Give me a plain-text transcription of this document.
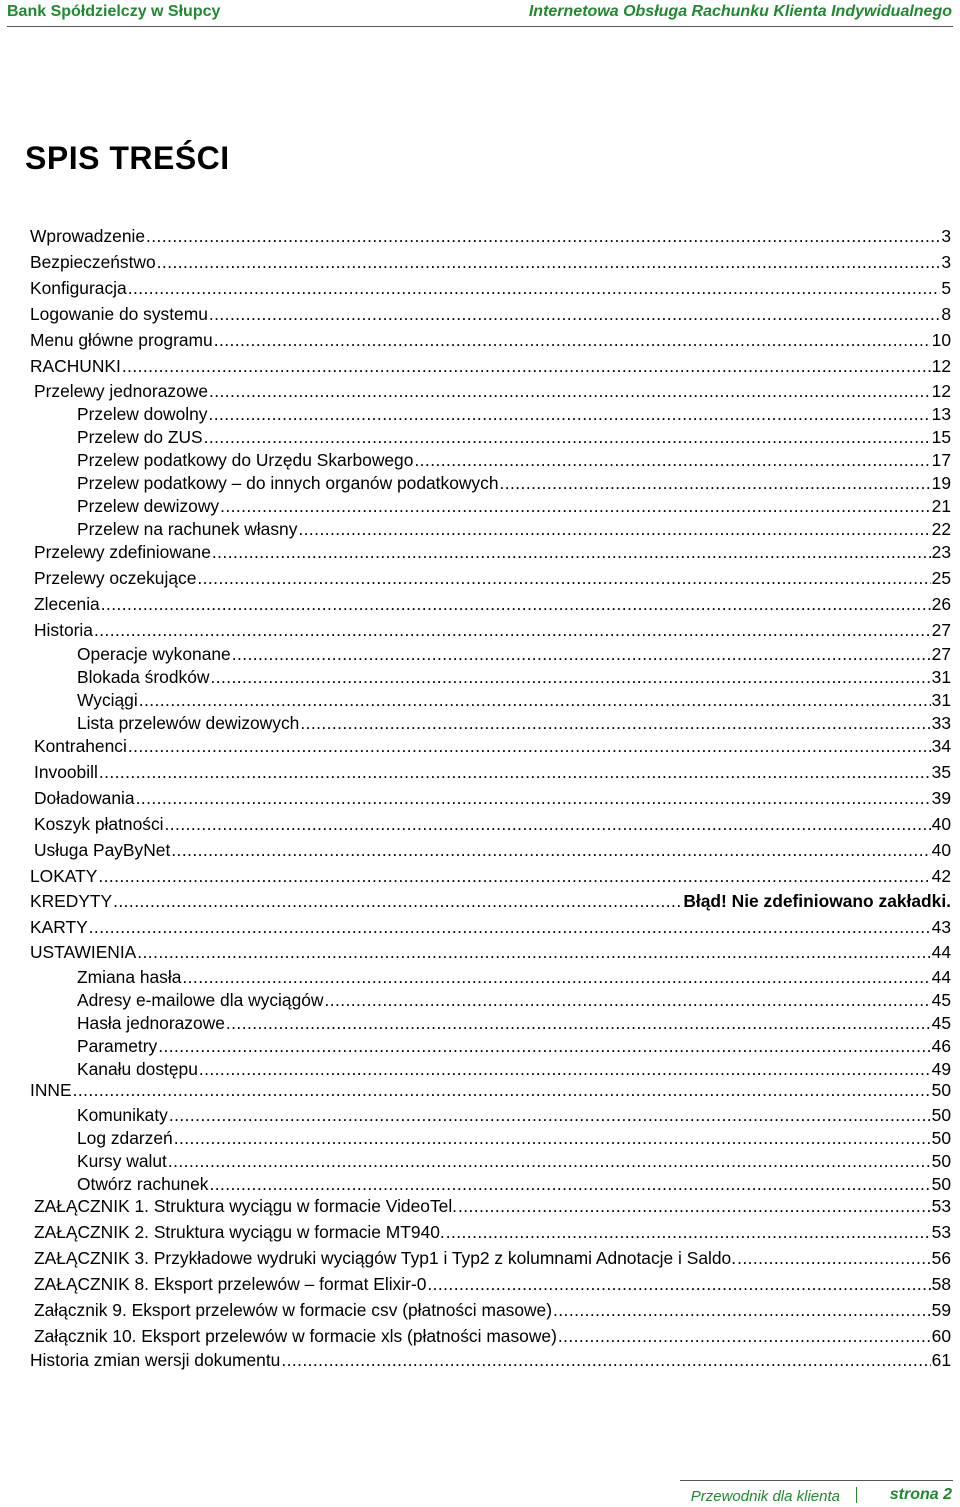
Bank Spółdzielczy w Słupcy	Internetowa Obsługa Rachunku Klienta Indywidualnego
SPIS TREŚCI
Wprowadzenie . . .	3
Bezpieczeństwo . . .	3
Konfiguracja . . .	5
Logowanie do systemu . . .	8
Menu główne programu . . .	10
RACHUNKI . . .	12
Przelewy jednorazowe . . .	12
Przelew dowolny . . .	13
Przelew do ZUS . . .	15
Przelew podatkowy do Urzędu Skarbowego . . .	17
Przelew podatkowy – do innych organów podatkowych . . .	19
Przelew dewizowy . . .	21
Przelew na rachunek własny . . .	22
Przelewy zdefiniowane . . .	23
Przelewy oczekujące . . .	25
Zlecenia . . .	26
Historia . . .	27
Operacje wykonane . . .	27
Blokada środków . . .	31
Wyciągi . . .	31
Lista przelewów dewizowych . . .	33
Kontrahenci . . .	34
Invoobill . . .	35
Doładowania . . .	39
Koszyk płatności . . .	40
Usługa PayByNet . . .	40
LOKATY . . .	42
KREDYTY . . .	Błąd! Nie zdefiniowano zakładki.
KARTY . . .	43
USTAWIENIA . . .	44
Zmiana hasła . . .	44
Adresy e-mailowe dla wyciągów . . .	45
Hasła jednorazowe . . .	45
Parametry . . .	46
Kanału dostępu . . .	49
INNE . . .	50
Komunikaty . . .	50
Log zdarzeń . . .	50
Kursy walut . . .	50
Otwórz rachunek . . .	50
ZAŁĄCZNIK 1. Struktura wyciągu w formacie VideoTel. . . .	53
ZAŁĄCZNIK 2. Struktura wyciągu w formacie MT940. . . .	53
ZAŁĄCZNIK 3. Przykładowe wydruki wyciągów Typ1 i Typ2 z kolumnami Adnotacje i Saldo. . . .	56
ZAŁĄCZNIK 8. Eksport przelewów – format Elixir-0 . . .	58
Załącznik 9. Eksport przelewów w formacie csv (płatności masowe) . . .	59
Załącznik 10. Eksport przelewów w formacie xls (płatności masowe) . . .	60
Historia zmian wersji dokumentu . . .	61
Przewodnik dla klienta	strona 2
